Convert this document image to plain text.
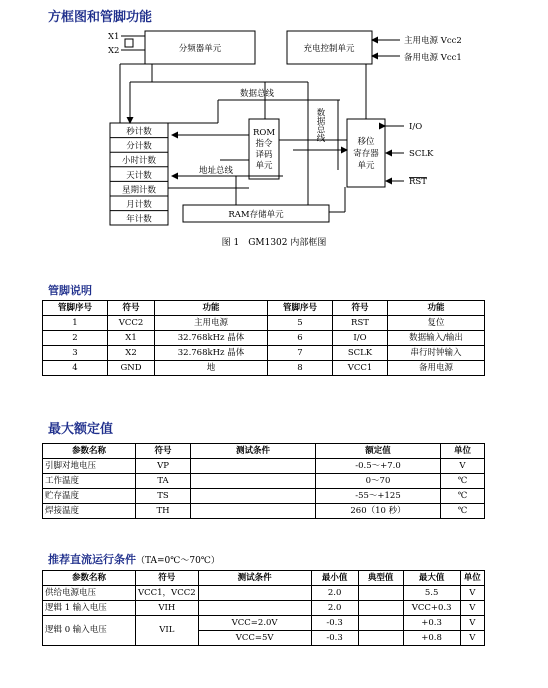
方框图和管脚功能
X1
X2	分频器单元	充电控制单元
主用电源 Vcc2
备用电源 Vcc1
数据总线
数据总线
地址总线
ROM
指令
译码
单元
移位
寄存器
单元
I/O
SCLK
RST
RAM存储单元
秒计数
分计数
小时计数
天计数
星期计数
月计数
年计数
图 1　GM1302 内部框图
管脚说明
管脚序号	符号	功能	管脚序号	符号	功能
1	VCC2	主用电源	5	RST	复位
2	X1	32.768kHz 晶体	6	I/O	数据输入/输出
3	X2	32.768kHz 晶体	7	SCLK	串行时钟输入
4	GND	地	8	VCC1	备用电源
最大额定值
参数名称	符号	测试条件	额定值	单位
引脚对地电压	VP		-0.5～+7.0	V
工作温度	TA		0～70	℃
贮存温度	TS		-55～+125	℃
焊接温度	TH		260（10 秒）	℃
推荐直流运行条件（TA=0℃～70℃）
参数名称	符号	测试条件	最小值	典型值	最大值	单位
供给电源电压	VCC1，VCC2		2.0		5.5	V
逻辑 1 输入电压	VIH		2.0		VCC+0.3	V
逻辑 0 输入电压	VIL	VCC=2.0V	-0.3		+0.3	V
		VCC=5V	-0.3		+0.8	V
